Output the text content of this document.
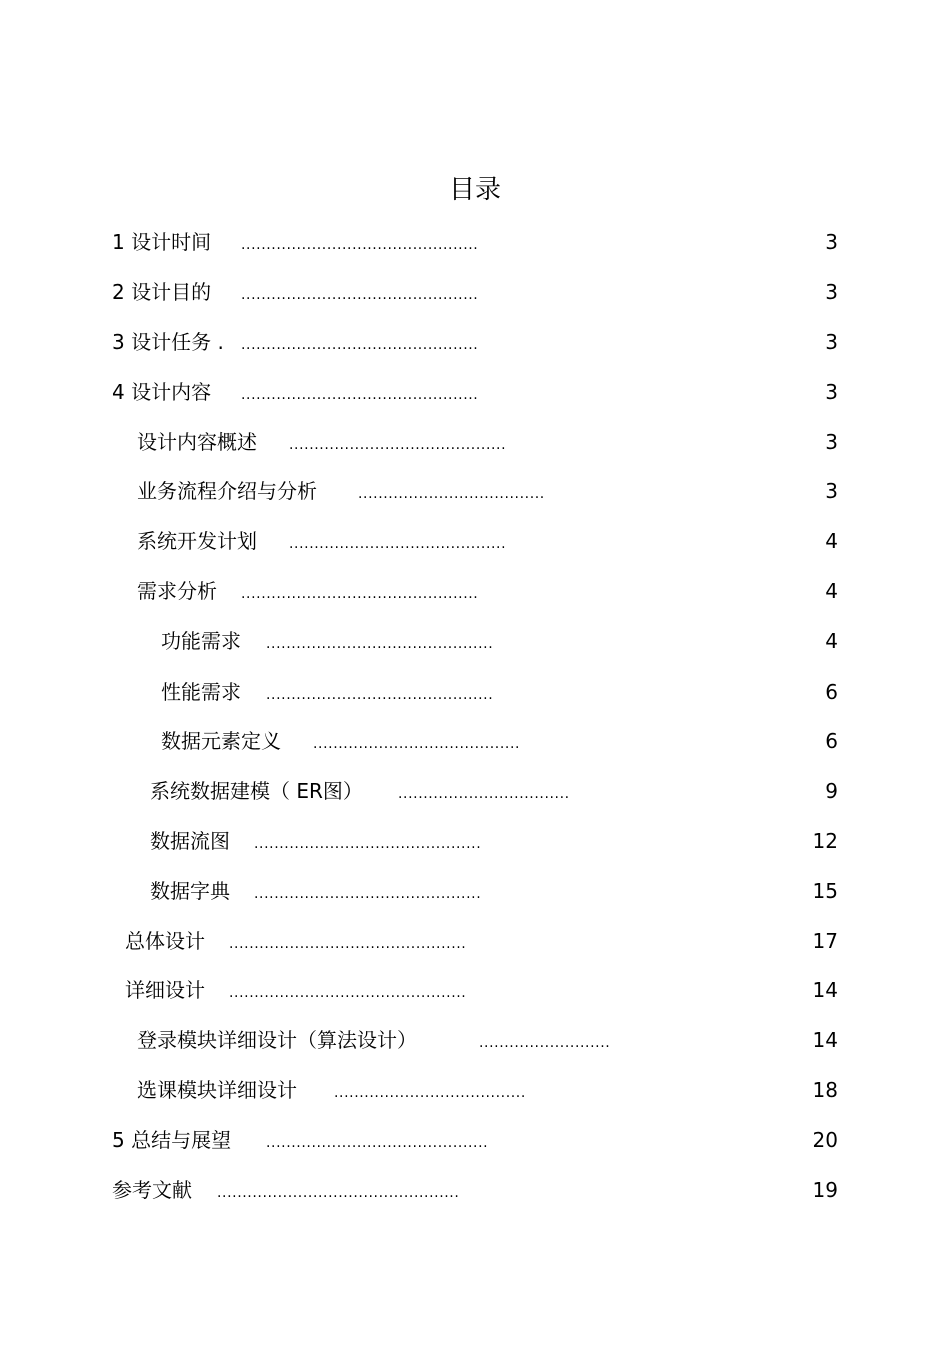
目录
1 设计时间 ...............................................	3
2 设计目的 ...............................................	3
3 设计任务 . ...............................................	3
4 设计内容 ...............................................	3
设计内容概述 ...........................................	3
业务流程介绍与分析	.....................................	3
系统开发计划 ...........................................	4
需求分析 ...............................................	4
功能需求 .............................................	4
性能需求 .............................................	6
数据元素定义 .........................................	6
系统数据建模（ ER图）	..................................	9
数据流图 .............................................	12
数据字典 .............................................	15
总体设计 ...............................................	17
详细设计 ...............................................	14
登录模块详细设计（算法设计）	..........................	14
选课模块详细设计	......................................	18
5 总结与展望 ............................................	20
参考文献 ................................................	19
